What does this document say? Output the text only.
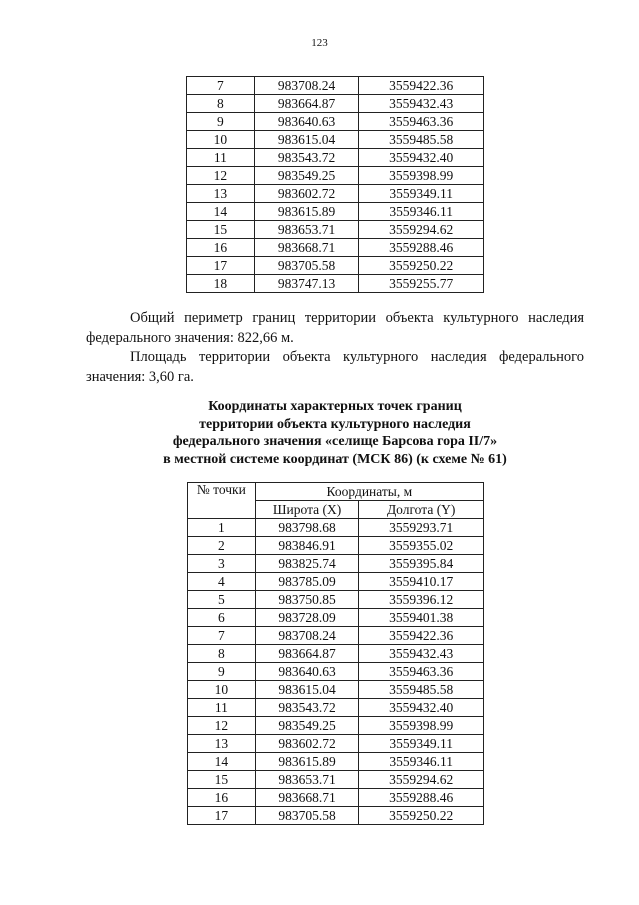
123
7	983708.24	3559422.36
8	983664.87	3559432.43
9	983640.63	3559463.36
10	983615.04	3559485.58
11	983543.72	3559432.40
12	983549.25	3559398.99
13	983602.72	3559349.11
14	983615.89	3559346.11
15	983653.71	3559294.62
16	983668.71	3559288.46
17	983705.58	3559250.22
18	983747.13	3559255.77
Общий периметр границ территории объекта культурного наследия
федерального значения: 822,66 м.
Площадь территории объекта культурного наследия федерального
значения: 3,60 га.
Координаты характерных точек границ
территории объекта культурного наследия
федерального значения «селище Барсова гора II/7»
в местной системе координат (МСК 86) (к схеме № 61)
№ точки	Координаты, м	
	Широта (X)	Долгота (Y)
1	983798.68	3559293.71
2	983846.91	3559355.02
3	983825.74	3559395.84
4	983785.09	3559410.17
5	983750.85	3559396.12
6	983728.09	3559401.38
7	983708.24	3559422.36
8	983664.87	3559432.43
9	983640.63	3559463.36
10	983615.04	3559485.58
11	983543.72	3559432.40
12	983549.25	3559398.99
13	983602.72	3559349.11
14	983615.89	3559346.11
15	983653.71	3559294.62
16	983668.71	3559288.46
17	983705.58	3559250.22
